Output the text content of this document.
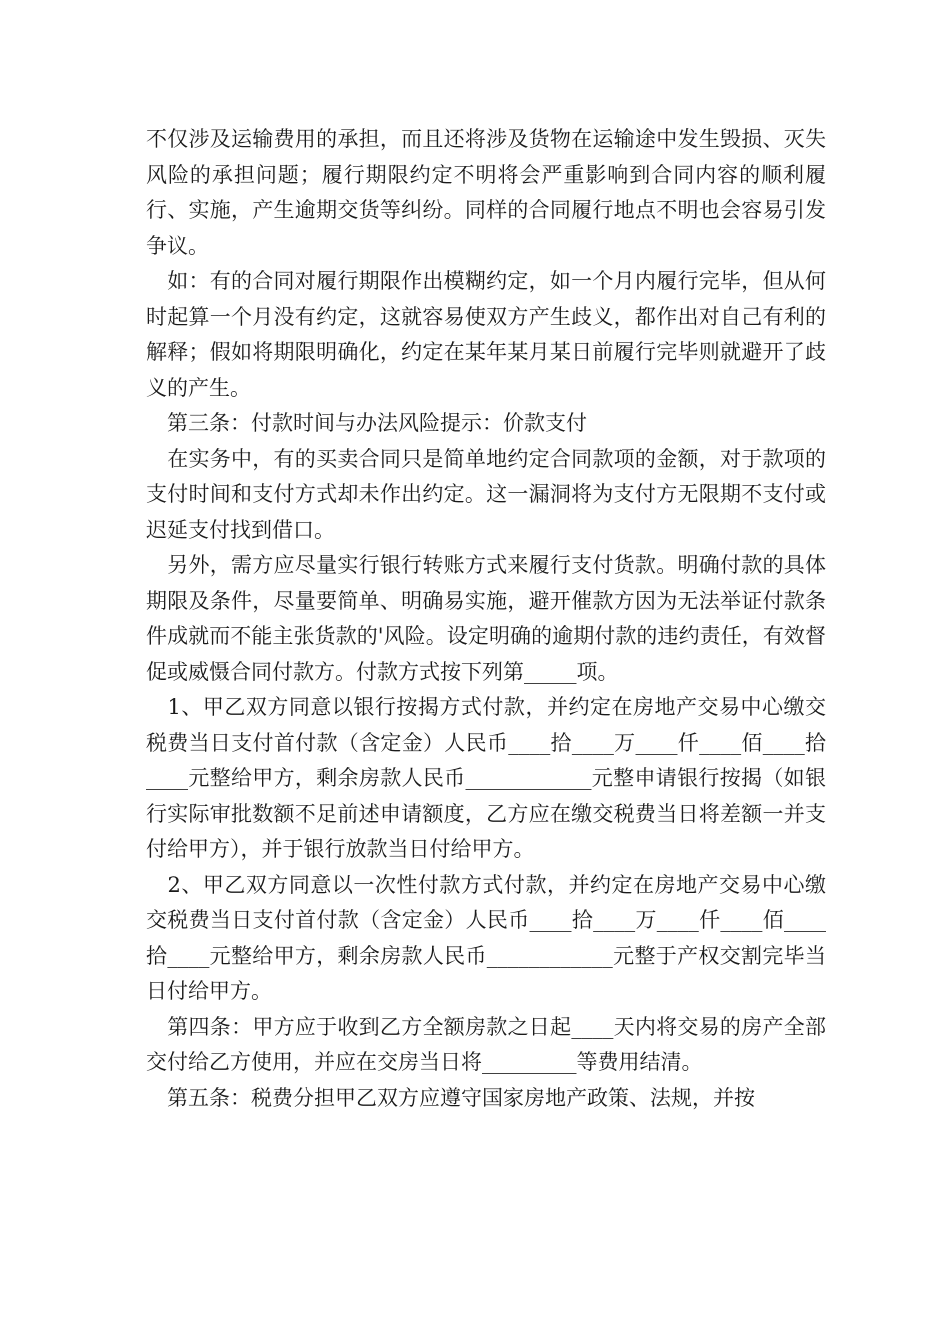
不仅涉及运输费用的承担，而且还将涉及货物在运输途中发生毁损、灭失风险的承担问题；履行期限约定不明将会严重影响到合同内容的顺利履行、实施，产生逾期交货等纠纷。同样的合同履行地点不明也会容易引发争议。

　如：有的合同对履行期限作出模糊约定，如一个月内履行完毕，但从何时起算一个月没有约定，这就容易使双方产生歧义，都作出对自己有利的解释；假如将期限明确化，约定在某年某月某日前履行完毕则就避开了歧义的产生。

　第三条：付款时间与办法风险提示：价款支付

　在实务中，有的买卖合同只是简单地约定合同款项的金额，对于款项的支付时间和支付方式却未作出约定。这一漏洞将为支付方无限期不支付或迟延支付找到借口。

　另外，需方应尽量实行银行转账方式来履行支付货款。明确付款的具体期限及条件，尽量要简单、明确易实施，避开催款方因为无法举证付款条件成就而不能主张货款的'风险。设定明确的逾期付款的违约责任，有效督促或威慑合同付款方。付款方式按下列第_____项。

　1、甲乙双方同意以银行按揭方式付款，并约定在房地产交易中心缴交税费当日支付首付款（含定金）人民币____拾____万____仟____佰____拾____元整给甲方，剩余房款人民币____________元整申请银行按揭（如银行实际审批数额不足前述申请额度，乙方应在缴交税费当日将差额一并支付给甲方），并于银行放款当日付给甲方。

　2、甲乙双方同意以一次性付款方式付款，并约定在房地产交易中心缴交税费当日支付首付款（含定金）人民币____拾____万____仟____佰____拾____元整给甲方，剩余房款人民币____________元整于产权交割完毕当日付给甲方。

　第四条：甲方应于收到乙方全额房款之日起____天内将交易的房产全部交付给乙方使用，并应在交房当日将_________等费用结清。

　第五条：税费分担甲乙双方应遵守国家房地产政策、法规，并按
